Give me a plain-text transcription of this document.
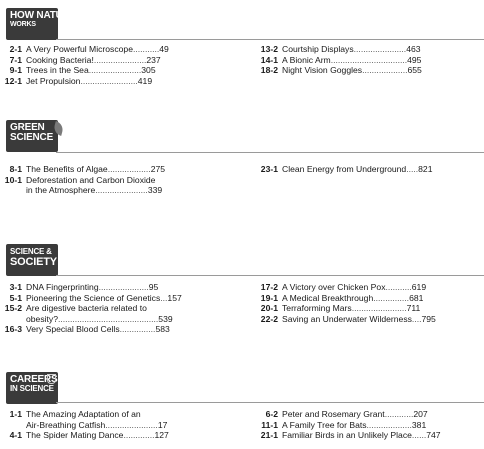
HOW NATURE
WORKS
2-1 A Very Powerful Microscope...........49
7-1 Cooking Bacteria!......................237
9-1 Trees in the Sea......................305
12-1 Jet Propulsion........................419
13-2 Courtship Displays......................463
14-1 A Bionic Arm................................495
18-2 Night Vision Goggles...................655
GREEN
SCIENCE
8-1 The Benefits of Algae..................275
10-1 Deforestation and Carbon Dioxide
in the Atmosphere......................339
23-1 Clean Energy from Underground.....821
SCIENCE &
SOCIETY
3-1 DNA Fingerprinting.....................95
5-1 Pioneering the Science of Genetics...157
15-2 Are digestive bacteria related to
obesity?..........................................539
16-3 Very Special Blood Cells...............583
17-2 A Victory over Chicken Pox...........619
19-1 A Medical Breakthrough...............681
20-1 Terraforming Mars.......................711
22-2 Saving an Underwater Wilderness....795
CAREERS
IN SCIENCE
1-1 The Amazing Adaptation of an
Air-Breathing Catfish......................17
4-1 The Spider Mating Dance.............127
6-2 Peter and Rosemary Grant............207
11-1 A Family Tree for Bats...................381
21-1 Familiar Birds in an Unlikely Place......747
